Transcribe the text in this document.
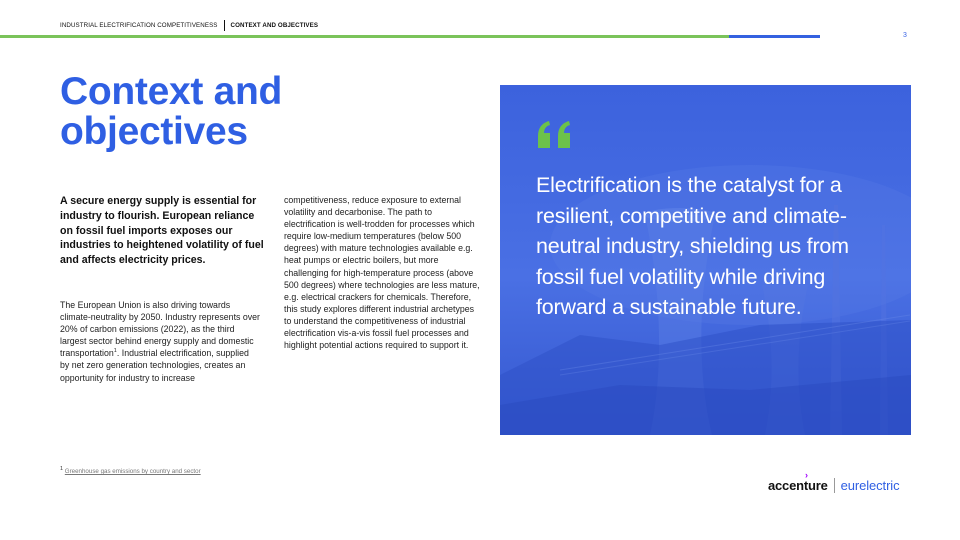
INDUSTRIAL ELECTRIFICATION COMPETITIVENESS CONTEXT AND OBJECTIVES
3
Context and objectives

A secure energy supply is essential for industry to flourish. European reliance on fossil fuel imports exposes our industries to heightened volatility of fuel and affects electricity prices.

The European Union is also driving towards climate-neutrality by 2050. Industry represents over 20% of carbon emissions (2022), as the third largest sector behind energy supply and domestic transportation$^1$. Industrial electrification, supplied by net zero generation technologies, creates an opportunity for industry to increase

competitiveness, reduce exposure to external volatility and decarbonise. The path to electrification is well-trodden for processes which require low-medium temperatures (below 500 degrees) with mature technologies available e.g. heat pumps or electric boilers, but more challenging for high-temperature process (above 500 degrees) where technologies are less mature, e.g. electrical crackers for chemicals. Therefore, this study explores different industrial archetypes to understand the competitiveness of industrial electrification vis-a-vis fossil fuel processes and highlight potential actions required to support it.

Electrification is the catalyst for a resilient, competitive and climate-neutral industry, shielding us from fossil fuel volatility while driving forward a sustainable future.

$^1$ Greenhouse gas emissions by country and sector	›
accenture eurelectric
